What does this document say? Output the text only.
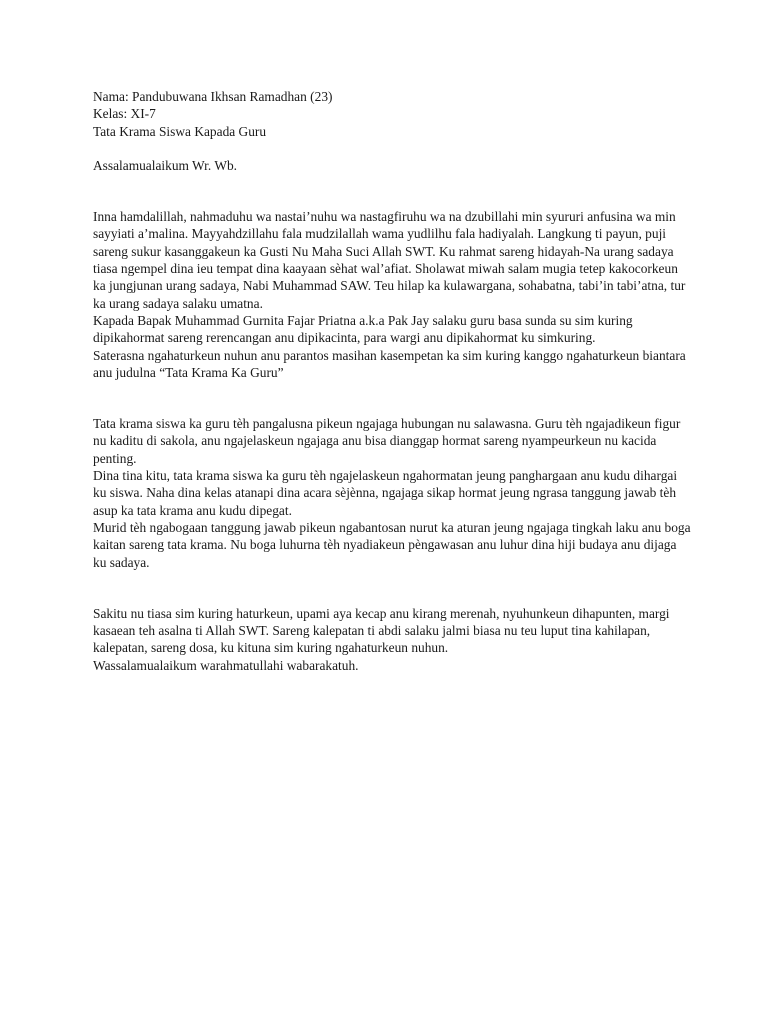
Nama: Pandubuwana Ikhsan Ramadhan (23)

Kelas: XI-7

Tata Krama Siswa Kapada Guru

Assalamualaikum Wr. Wb.

Inna hamdalillah, nahmaduhu wa nastai’nuhu wa nastagfiruhu wa na dzubillahi min syururi anfusina wa min sayyiati a’malina. Mayyahdzillahu fala mudzilallah wama yudlilhu fala hadiyalah. Langkung ti payun, puji sareng sukur kasanggakeun ka Gusti Nu Maha Suci Allah SWT. Ku rahmat sareng hidayah-Na urang sadaya tiasa ngempel dina ieu tempat dina kaayaan sèhat wal’afiat. Sholawat miwah salam mugia tetep kakocorkeun ka jungjunan urang sadaya, Nabi Muhammad SAW. Teu hilap ka kulawargana, sohabatna, tabi’in tabi’atna, tur ka urang sadaya salaku umatna.

Kapada Bapak Muhammad Gurnita Fajar Priatna a.k.a Pak Jay salaku guru basa sunda su sim kuring dipikahormat sareng rerencangan anu dipikacinta, para wargi anu dipikahormat ku simkuring.

Saterasna ngahaturkeun nuhun anu parantos masihan kasempetan ka sim kuring kanggo ngahaturkeun biantara anu judulna “Tata Krama Ka Guru”

Tata krama siswa ka guru tèh pangalusna pikeun ngajaga hubungan nu salawasna. Guru tèh ngajadikeun figur nu kaditu di sakola, anu ngajelaskeun ngajaga anu bisa dianggap hormat sareng nyampeurkeun nu kacida penting.

Dina tina kitu, tata krama siswa ka guru tèh ngajelaskeun ngahormatan jeung panghargaan anu kudu dihargai ku siswa. Naha dina kelas atanapi dina acara sèjènna, ngajaga sikap hormat jeung ngrasa tanggung jawab tèh asup ka tata krama anu kudu dipegat.

Murid tèh ngabogaan tanggung jawab pikeun ngabantosan nurut ka aturan jeung ngajaga tingkah laku anu boga kaitan sareng tata krama. Nu boga luhurna tèh nyadiakeun pèngawasan anu luhur dina hiji budaya anu dijaga ku sadaya.

Sakitu nu tiasa sim kuring haturkeun, upami aya kecap anu kirang merenah, nyuhunkeun dihapunten, margi kasaean teh asalna ti Allah SWT. Sareng kalepatan ti abdi salaku jalmi biasa nu teu luput tina kahilapan, kalepatan, sareng dosa, ku kituna sim kuring ngahaturkeun nuhun.

Wassalamualaikum warahmatullahi wabarakatuh.
